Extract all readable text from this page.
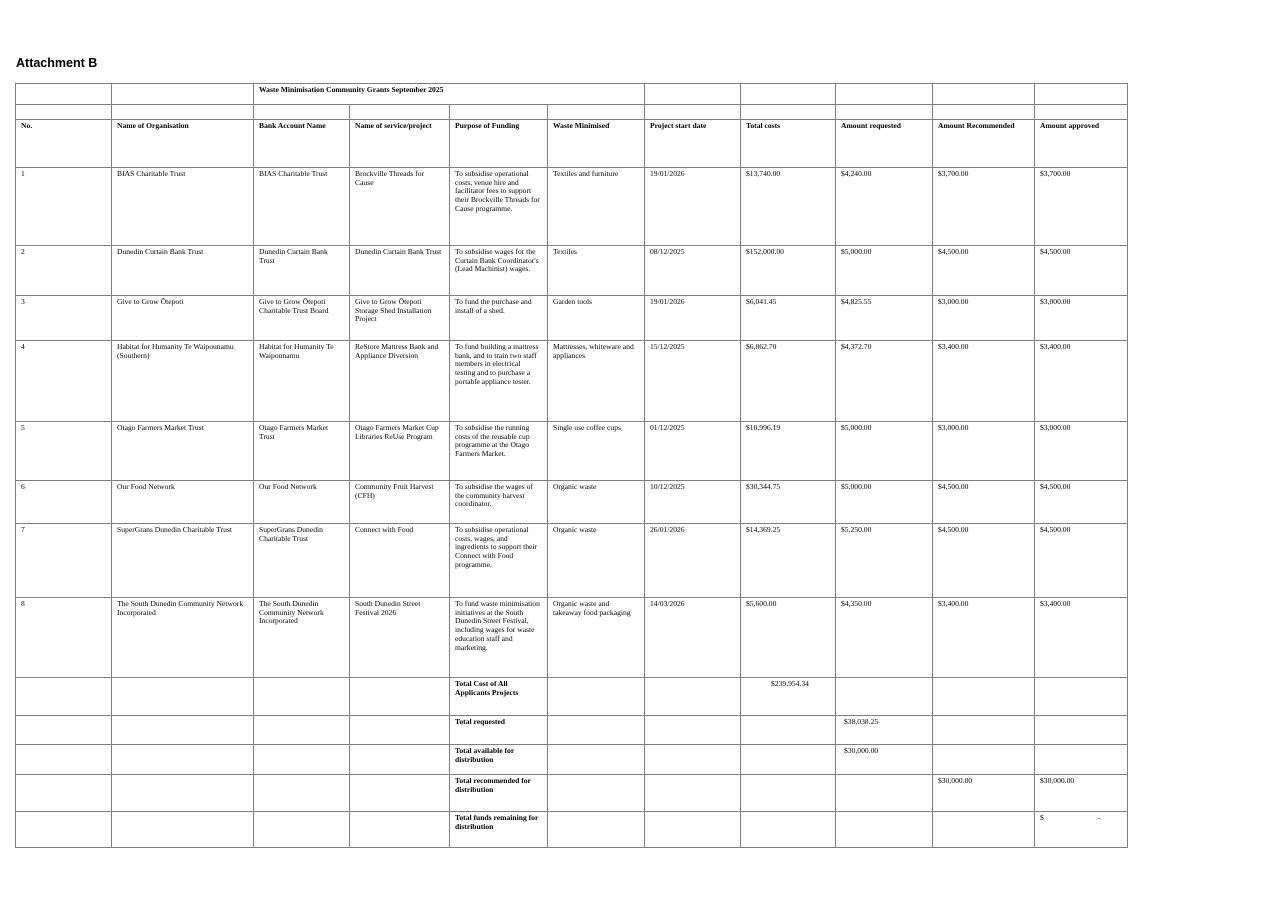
Attachment B
		Waste Minimisation Community Grants September 2025								

No.	Name of Organisation	Bank Account Name	Name of service/project	Purpose of Funding	Waste Minimised	Project start date	Total costs	Amount requested	Amount Recommended	Amount approved
1	BIAS Charitable Trust	BIAS Charitable Trust	Brockville Threads for Cause	To subsidise operational costs, venue hire and facilitator fees to support their Brockville Threads for Cause programme.	Textiles and furniture	19/01/2026	$13,740.00	$4,240.00	$3,700.00	$3,700.00
2	Dunedin Curtain Bank Trust	Dunedin Curtain Bank Trust	Dunedin Curtain Bank Trust	To subsidise wages for the Curtain Bank Coordinator's (Lead Machinist) wages.	Textiles	08/12/2025	$152,000.00	$5,000.00	$4,500.00	$4,500.00
3	Give to Grow Ōtepoti	Give to Grow Ōtepoti Charitable Trust Board	Give to Grow Ōtepoti Storage Shed Installation Project	To fund the purchase and install of a shed.	Garden tools	19/01/2026	$6,041.45	$4,825.55	$3,000.00	$3,000.00
4	Habitat for Humanity Te Waipounamu (Southern)	Habitat for Humanity Te Waipounamu	ReStore Mattress Bank and Appliance Diversion	To fund building a mattress bank, and to train two staff members in electrical testing and to purchase a portable appliance tester.	Mattresses, whiteware and appliances	15/12/2025	$6,862.70	$4,372.70	$3,400.00	$3,400.00
5	Otago Farmers Market Trust	Otago Farmers Market Trust	Otago Farmers Market Cup Libraries ReUse Program	To subsidise the running costs of the reusable cup programme at the Otago Farmers Market.	Single use coffee cups	01/12/2025	$10,996.19	$5,000.00	$3,000.00	$3,000.00
6	Our Food Network	Our Food Network	Community Fruit Harvest (CFH)	To subsidise the wages of the community harvest coordinator.	Organic waste	10/12/2025	$30,344.75	$5,000.00	$4,500.00	$4,500.00
7	SuperGrans Dunedin Charitable Trust	SuperGrans Dunedin Charitable Trust	Connect with Food	To subsidise operational costs, wages, and ingredients to support their Connect with Food programme.	Organic waste	26/01/2026	$14,369.25	$5,250.00	$4,500.00	$4,500.00
8	The South Dunedin Community Network Incorporated	The South Dunedin Community Network Incorporated	South Dunedin Street Festival 2026	To fund waste minimisation initiatives at the South Dunedin Street Festival, including wages for waste education staff and marketing.	Organic waste and takeaway food packaging	14/03/2026	$5,600.00	$4,350.00	$3,400.00	$3,400.00
				Total Cost of All Applicants Projects			$239,954.34			
				Total requested				$38,038.25		
				Total available for distribution				$30,000.00		
				Total recommended for distribution					$30,000.00	$30,000.00
				Total funds remaining for distribution						$ -
